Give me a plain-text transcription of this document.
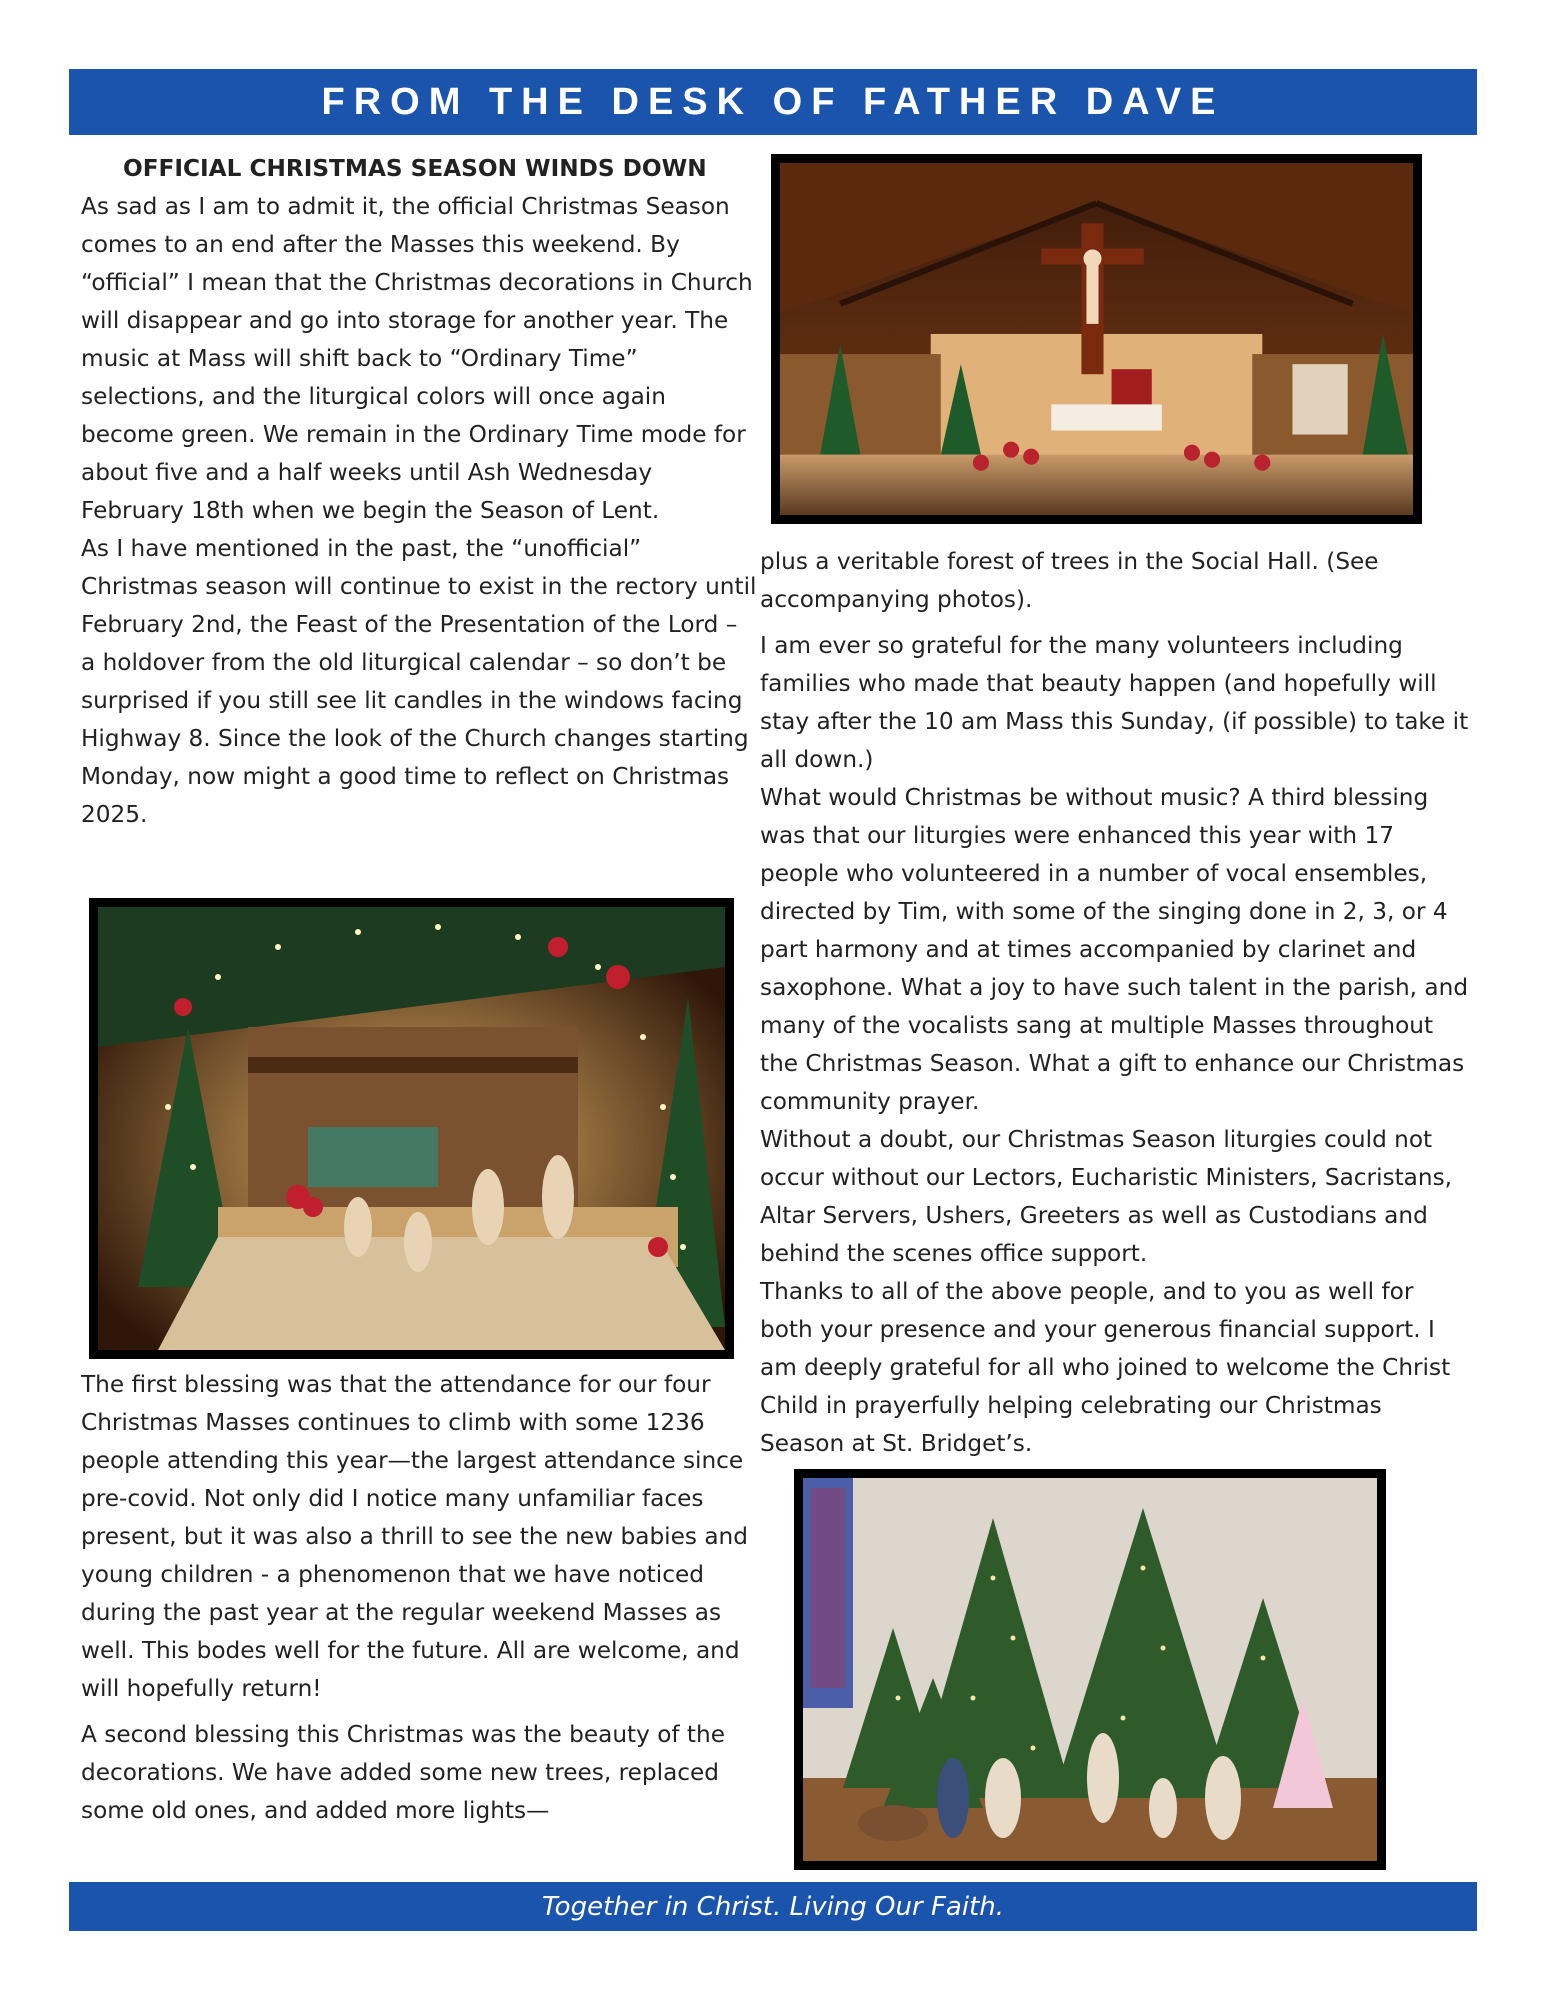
FROM THE DESK OF FATHER DAVE

OFFICIAL CHRISTMAS SEASON WINDS DOWN

As sad as I am to admit it, the official Christmas Season comes to an end after the Masses this weekend. By “official” I mean that the Christmas decorations in Church will disappear and go into storage for another year. The music at Mass will shift back to “Ordinary Time” selections, and the liturgical colors will once again become green. We remain in the Ordinary Time mode for about five and a half weeks until Ash Wednesday February 18th when we begin the Season of Lent.

As I have mentioned in the past, the “unofficial” Christmas season will continue to exist in the rectory until February 2nd, the Feast of the Presentation of the Lord – a holdover from the old liturgical calendar – so don’t be surprised if you still see lit candles in the windows facing Highway 8. Since the look of the Church changes starting Monday, now might a good time to reflect on Christmas 2025.

The first blessing was that the attendance for our four Christmas Masses continues to climb with some 1236 people attending this year—the largest attendance since pre-covid. Not only did I notice many unfamiliar faces present, but it was also a thrill to see the new babies and young children - a phenomenon that we have noticed during the past year at the regular weekend Masses as well. This bodes well for the future. All are welcome, and will hopefully return!

A second blessing this Christmas was the beauty of the decorations. We have added some new trees, replaced some old ones, and added more lights—

plus a veritable forest of trees in the Social Hall. (See accompanying photos).

I am ever so grateful for the many volunteers including families who made that beauty happen (and hopefully will stay after the 10 am Mass this Sunday, (if possible) to take it all down.)

What would Christmas be without music? A third blessing was that our liturgies were enhanced this year with 17 people who volunteered in a number of vocal ensembles, directed by Tim, with some of the singing done in 2, 3, or 4 part harmony and at times accompanied by clarinet and saxophone. What a joy to have such talent in the parish, and many of the vocalists sang at multiple Masses throughout the Christmas Season. What a gift to enhance our Christmas community prayer.

Without a doubt, our Christmas Season liturgies could not occur without our Lectors, Eucharistic Ministers, Sacristans, Altar Servers, Ushers, Greeters as well as Custodians and behind the scenes office support.

Thanks to all of the above people, and to you as well for both your presence and your generous financial support. I am deeply grateful for all who joined to welcome the Christ Child in prayerfully helping celebrating our Christmas Season at St. Bridget’s.

Together in Christ. Living Our Faith.
